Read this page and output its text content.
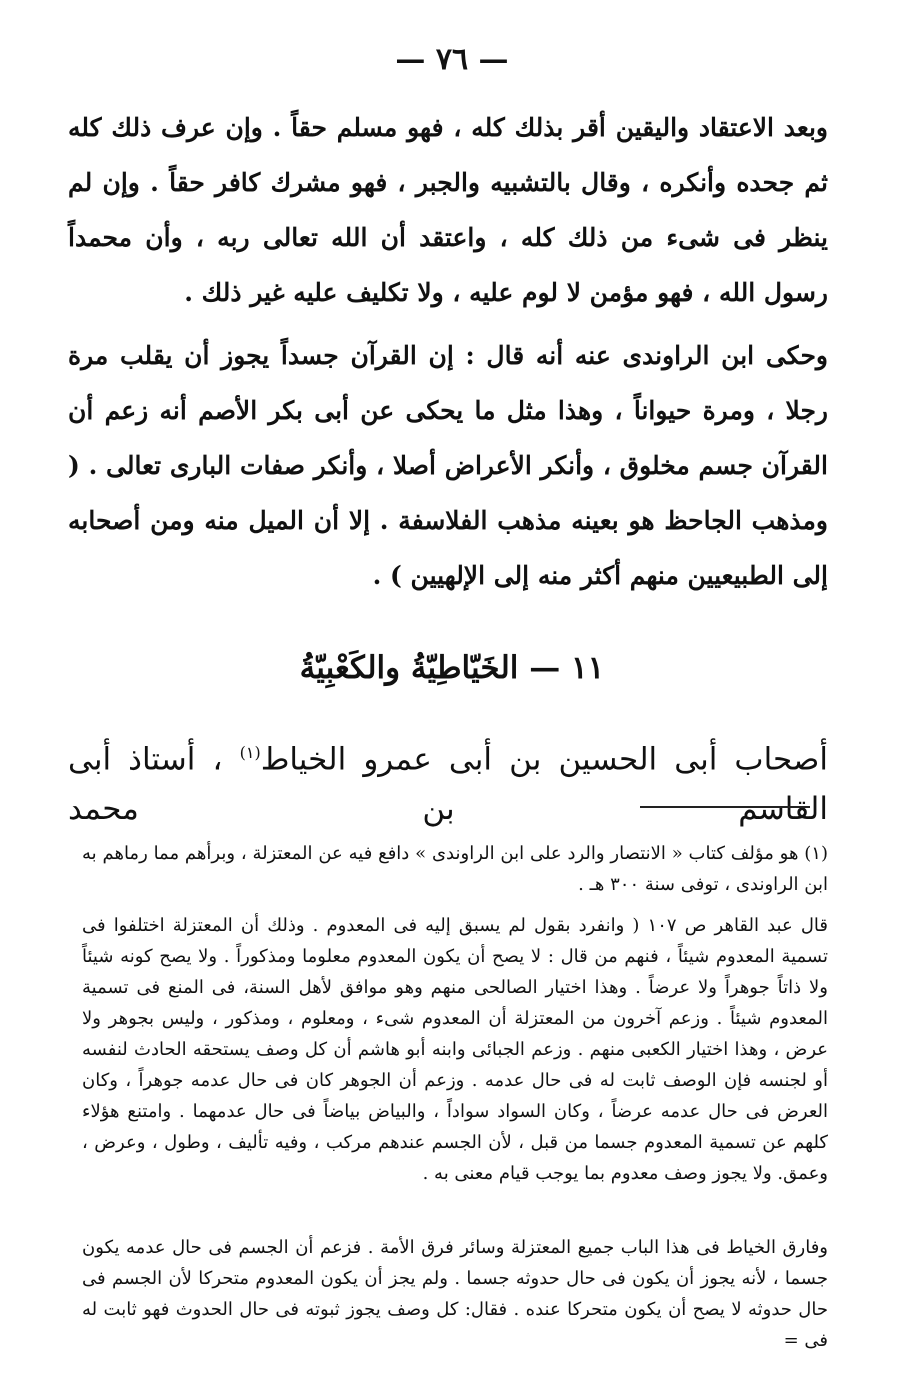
— ٧٦ —
وبعد الاعتقاد واليقين أقر بذلك كله ، فهو مسلم حقاً . وإن عرف ذلك كله ثم جحده وأنكره ، وقال بالتشبيه والجبر ، فهو مشرك كافر حقاً . وإن لم ينظر فى شىء من ذلك كله ، واعتقد أن الله تعالى ربه ، وأن محمداً رسول الله ، فهو مؤمن لا لوم عليه ، ولا تكليف عليه غير ذلك .
وحكى ابن الراوندى عنه أنه قال : إن القرآن جسداً يجوز أن يقلب مرة رجلا ، ومرة حيواناً ، وهذا مثل ما يحكى عن أبى بكر الأصم أنه زعم أن القرآن جسم مخلوق ، وأنكر الأعراض أصلا ، وأنكر صفات البارى تعالى . ( ومذهب الجاحظ هو بعينه مذهب الفلاسفة . إلا أن الميل منه ومن أصحابه إلى الطبيعيين منهم أكثر منه إلى الإلهيين ) .
١١ — الخَيّاطِيّةُ والكَعْبِيّةُ
أصحاب أبى الحسين بن أبى عمرو الخياط$^{(١)}$ ، أستاذ أبى القاسم بن محمد
(١) هو مؤلف كتاب « الانتصار والرد على ابن الراوندى » دافع فيه عن المعتزلة ، وبرأهم مما رماهم به ابن الراوندى ، توفى سنة ٣٠٠ هـ .
قال عبد القاهر ص ١٠٧ ( وانفرد بقول لم يسبق إليه فى المعدوم . وذلك أن المعتزلة اختلفوا فى تسمية المعدوم شيئاً ، فنهم من قال : لا يصح أن يكون المعدوم معلوما ومذكوراً . ولا يصح كونه شيئاً ولا ذاتاً جوهراً ولا عرضاً . وهذا اختيار الصالحى منهم وهو موافق لأهل السنة، فى المنع فى تسمية المعدوم شيئاً . وزعم آخرون من المعتزلة أن المعدوم شىء ، ومعلوم ، ومذكور ، وليس بجوهر ولا عرض ، وهذا اختيار الكعبى منهم . وزعم الجبائى وابنه أبو هاشم أن كل وصف يستحقه الحادث لنفسه أو لجنسه فإن الوصف ثابت له فى حال عدمه . وزعم أن الجوهر كان فى حال عدمه جوهراً ، وكان العرض فى حال عدمه عرضاً ، وكان السواد سواداً ، والبياض بياضاً فى حال عدمهما . وامتنع هؤلاء كلهم عن تسمية المعدوم جسما من قبل ، لأن الجسم عندهم مركب ، وفيه تأليف ، وطول ، وعرض ، وعمق. ولا يجوز وصف معدوم بما يوجب قيام معنى به .
وفارق الخياط فى هذا الباب جميع المعتزلة وسائر فرق الأمة . فزعم أن الجسم فى حال عدمه يكون جسما ، لأنه يجوز أن يكون فى حال حدوثه جسما . ولم يجز أن يكون المعدوم متحركا لأن الجسم فى حال حدوثه لا يصح أن يكون متحركا عنده . فقال: كل وصف يجوز ثبوته فى حال الحدوث فهو ثابت له فى =
